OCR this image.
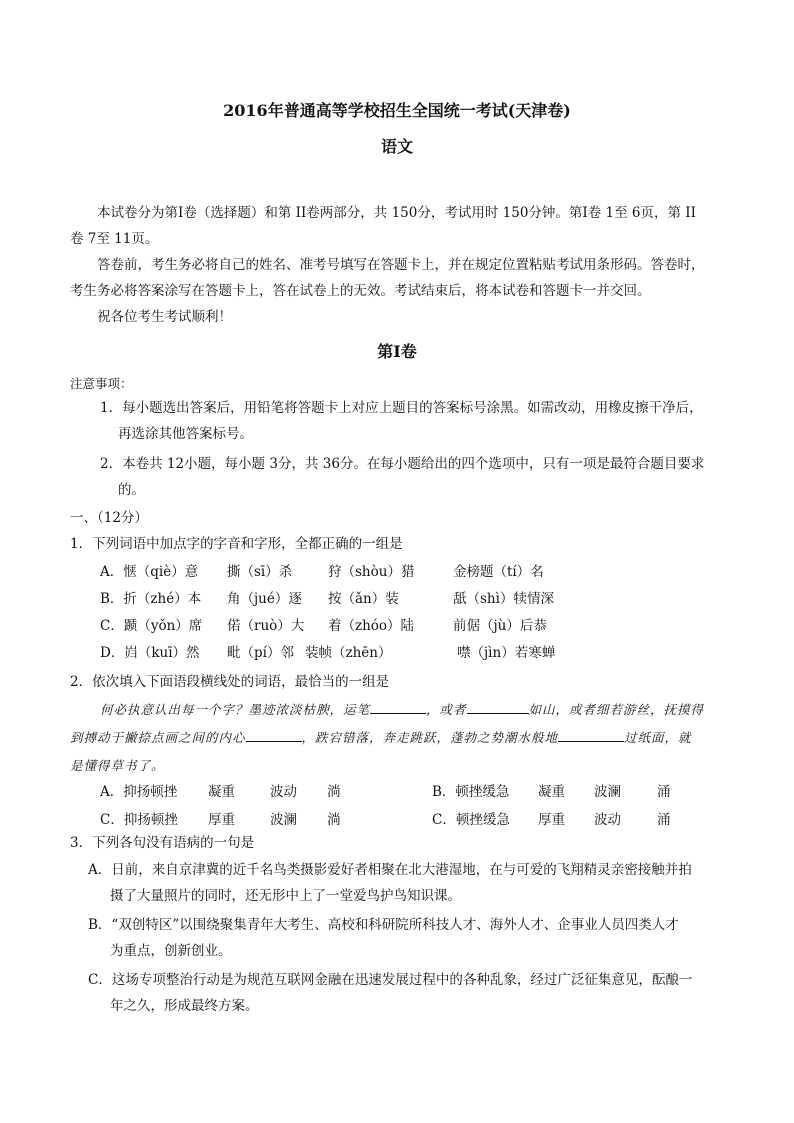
2016年普通高等学校招生全国统一考试(天津卷)
语文
本试卷分为第Ⅰ卷（选择题）和第 II卷两部分，共 150分，考试用时 150分钟。第Ⅰ卷 1至 6页，第 II
卷 7至 11页。
答卷前，考生务必将自己的姓名、准考号填写在答题卡上，并在规定位置粘贴考试用条形码。答卷时，
考生务必将答案涂写在答题卡上，答在试卷上的无效。考试结束后，将本试卷和答题卡一并交回。
祝各位考生考试顺利！
第Ⅰ卷
注意事项：
1．每小题选出答案后，用铅笔将答题卡上对应上题目的答案标号涂黑。如需改动，用橡皮擦干净后，
再选涂其他答案标号。
2．本卷共 12小题，每小题 3分，共 36分。在每小题给出的四个选项中，只有一项是最符合题目要求
的。
一、（12分）
1．下列词语中加点字的字音和字形，全都正确的一组是
A．惬（qiè）意 撕（sī）杀	狩（shòu）猎	金榜题（tí）名
B．折（zhé）本 角（jué）逐 按（ǎn）装	舐（shì）犊情深
C．踬（yǒn）席 偌（ruò）大 着（zhóo）陆	前倨（jù）后恭
D．岿（kuī）然 毗（pí）邻 装帧（zhēn）	噤（jìn）若寒蝉
2．依次填入下面语段横线处的词语，最恰当的一组是
何必执意认出每一个字？墨迹浓淡枯腴，运笔	，或者	如山，或者细若游丝，抚摸得
到搏动于撇捺点画之间的内心	，跌宕错落，奔走跳跃，蓬勃之势潮水般地	过纸面，就
是懂得草书了。
A．抑扬顿挫 凝重	波动 淌	B．顿挫缓急 凝重 波澜	涌
C．抑扬顿挫 厚重	波澜 淌	C．顿挫缓急 厚重 波动	涌
3．下列各句没有语病的一句是
A．日前，来自京津冀的近千名鸟类摄影爱好者相聚在北大港湿地，在与可爱的飞翔精灵亲密接触并拍
摄了大量照片的同时，还无形中上了一堂爱鸟护鸟知识课。
B．“双创特区”以围绕聚集青年大考生、高校和科研院所科技人才、海外人才、企事业人员四类人才
为重点，创新创业。
C．这场专项整治行动是为规范互联网金融在迅速发展过程中的各种乱象，经过广泛征集意见，酝酿一
年之久，形成最终方案。
